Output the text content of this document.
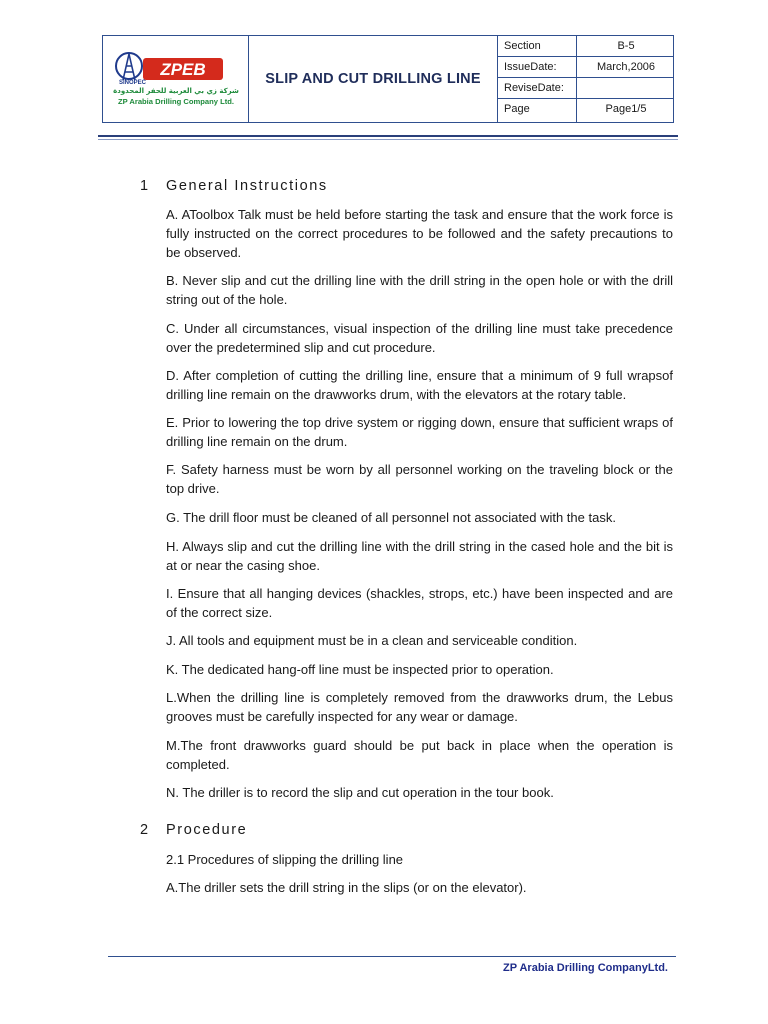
ZPEB
SINOPEC
شركة زي بي العربية للحفر المحدودة
ZP Arabia Drilling Company Ltd.
SLIP AND CUT DRILLING LINE
Section	B-5
IssueDate:	March,2006
ReviseDate:
Page	Page1/5
1 General Instructions
A. AToolbox Talk must be held before starting the task and ensure that the work force is fully instructed on the correct procedures to be followed and the safety precautions to be observed.
B. Never slip and cut the drilling line with the drill string in the open hole or with the drill string out of the hole.
C. Under all circumstances, visual inspection of the drilling line must take precedence over the predetermined slip and cut procedure.
D. After completion of cutting the drilling line, ensure that a minimum of 9 full wrapsof drilling line remain on the drawworks drum, with the elevators at the rotary table.
E. Prior to lowering the top drive system or rigging down, ensure that sufficient wraps of drilling line remain on the drum.
F. Safety harness must be worn by all personnel working on the traveling block or the top drive.
G. The drill floor must be cleaned of all personnel not associated with the task.
H. Always slip and cut the drilling line with the drill string in the cased hole and the bit is at or near the casing shoe.
I. Ensure that all hanging devices (shackles, strops, etc.) have been inspected and are of the correct size.
J. All tools and equipment must be in a clean and serviceable condition.
K. The dedicated hang-off line must be inspected prior to operation.
L.When the drilling line is completely removed from the drawworks drum, the Lebus grooves must be carefully inspected for any wear or damage.
M.The front drawworks guard should be put back in place when the operation is completed.
N. The driller is to record the slip and cut operation in the tour book.
2 Procedure
2.1 Procedures of slipping the drilling line
A.The driller sets the drill string in the slips (or on the elevator).
ZP Arabia Drilling CompanyLtd.
